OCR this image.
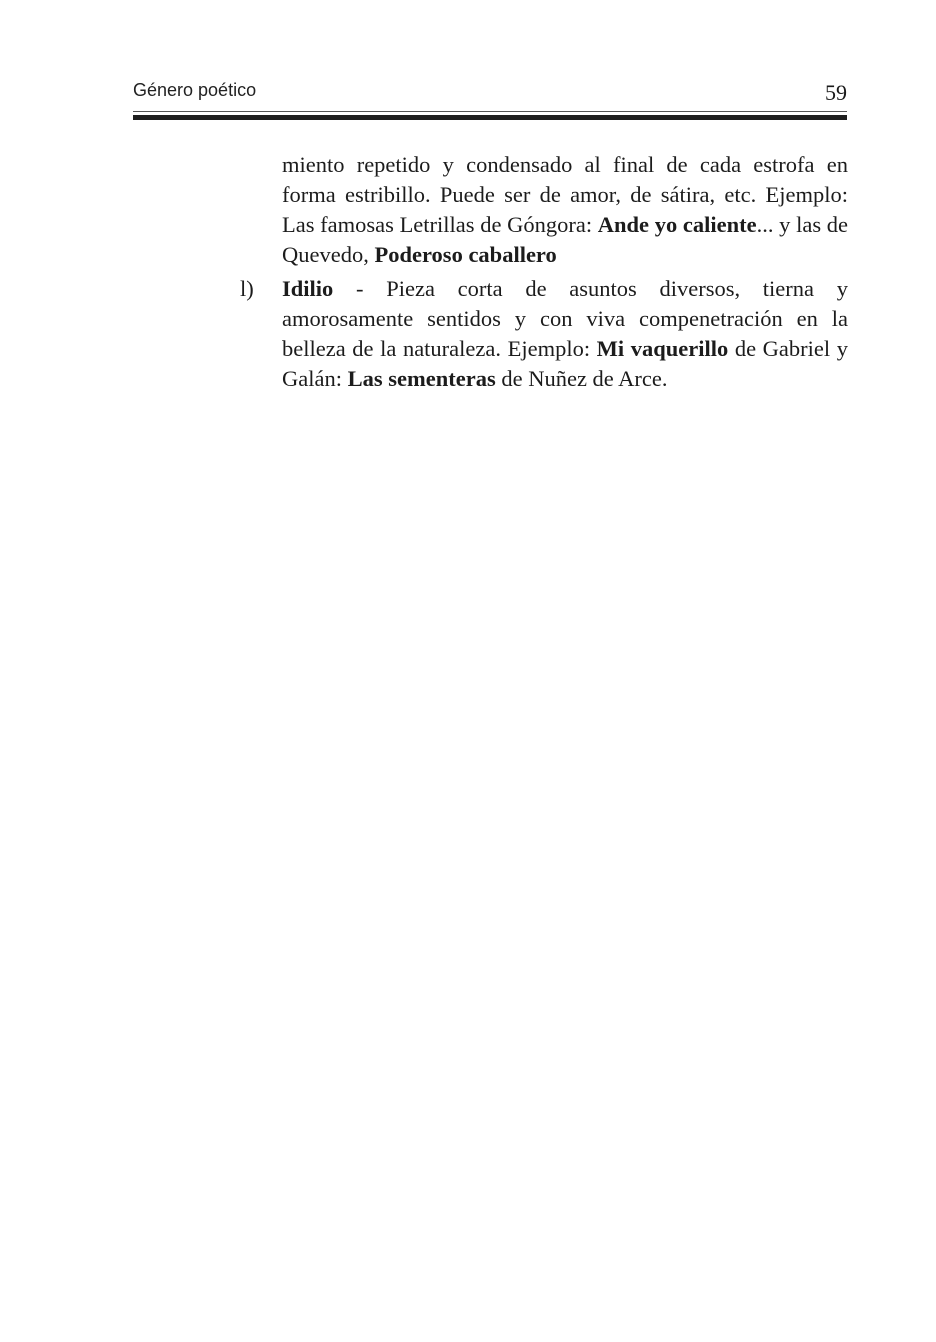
Género poético	59

miento repetido y condensado al final de cada estrofa en forma estribillo. Puede ser de amor, de sátira, etc. Ejemplo: Las famosas Letrillas de Góngora: Ande yo caliente... y las de Quevedo, Poderoso caballero

l) Idilio - Pieza corta de asuntos diversos, tierna y amorosamente sentidos y con viva compenetración en la belleza de la naturaleza. Ejemplo: Mi vaquerillo de Gabriel y Galán: Las sementeras de Nuñez de Arce.
